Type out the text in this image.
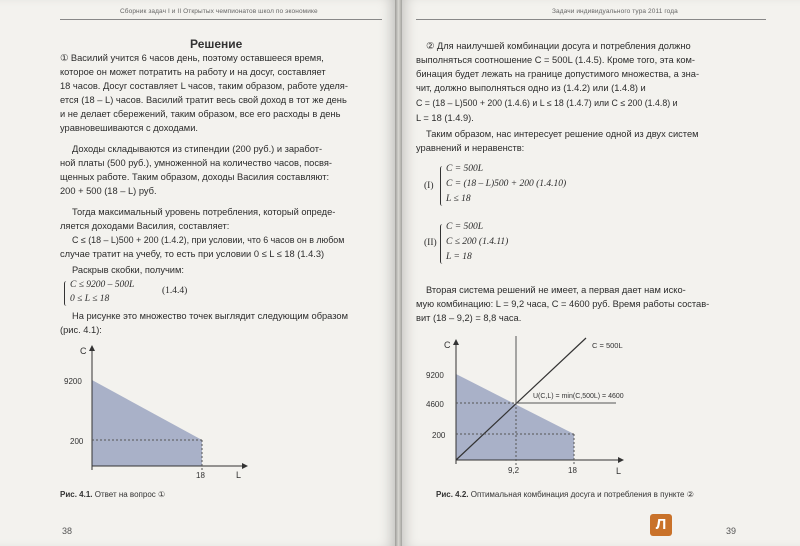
Сборник задач I и II Открытых чемпионатов школ по экономике
Решение
① Василий учится 6 часов день, поэтому оставшееся время,
которое он может потратить на работу и на досуг, составляет
18 часов. Досуг составляет L часов, таким образом, работе уделя-
ется (18 – L) часов. Василий тратит весь свой доход в тот же день
и не делает сбережений, таким образом, все его расходы в день
уравновешиваются с доходами.
Доходы складываются из стипендии (200 руб.) и заработ-
ной платы (500 руб.), умноженной на количество часов, посвя-
щенных работе. Таким образом, доходы Василия составляют:
200 + 500 (18 – L) руб.
Тогда максимальный уровень потребления, который опреде-
ляется доходами Василия, составляет:
C ≤ (18 – L)500 + 200 (1.4.2), при условии, что 6 часов он в любом
случае тратит на учебу, то есть при условии 0 ≤ L ≤ 18 (1.4.3)
Раскрыв скобки, получим:
C ≤ 9200 – 500L
0 ≤ L ≤ 18
(1.4.4)
На рисунке это множество точек выглядит следующим образом
(рис. 4.1):
C
L
9200
200
18
Рис. 4.1. Ответ на вопрос ①
38
Задачи индивидуального тура 2011 года
② Для наилучшей комбинации досуга и потребления должно
выполняться соотношение C = 500L (1.4.5). Кроме того, эта ком-
бинация будет лежать на границе допустимого множества, а зна-
чит, должно выполняться одно из (1.4.2) или (1.4.8) и
C = (18 – L)500 + 200 (1.4.6) и L ≤ 18 (1.4.7) или C ≤ 200 (1.4.8) и
L = 18 (1.4.9).
Таким образом, нас интересует решение одной из двух систем
уравнений и неравенств:
(I)
C = 500L
C = (18 – L)500 + 200 (1.4.10)
L ≤ 18
(II)
C = 500L
C ≤ 200 (1.4.11)
L = 18
Вторая система решений не имеет, а первая дает нам иско-
мую комбинацию: L = 9,2 часа, C = 4600 руб. Время работы состав-
вит (18 – 9,2) = 8,8 часа.
C
L
C = 500L
U(C,L) = min(C,500L) = 4600
9200
4600
200
9,2	18
Рис. 4.2. Оптимальная комбинация досуга и потребления в пункте ②
39
Л
